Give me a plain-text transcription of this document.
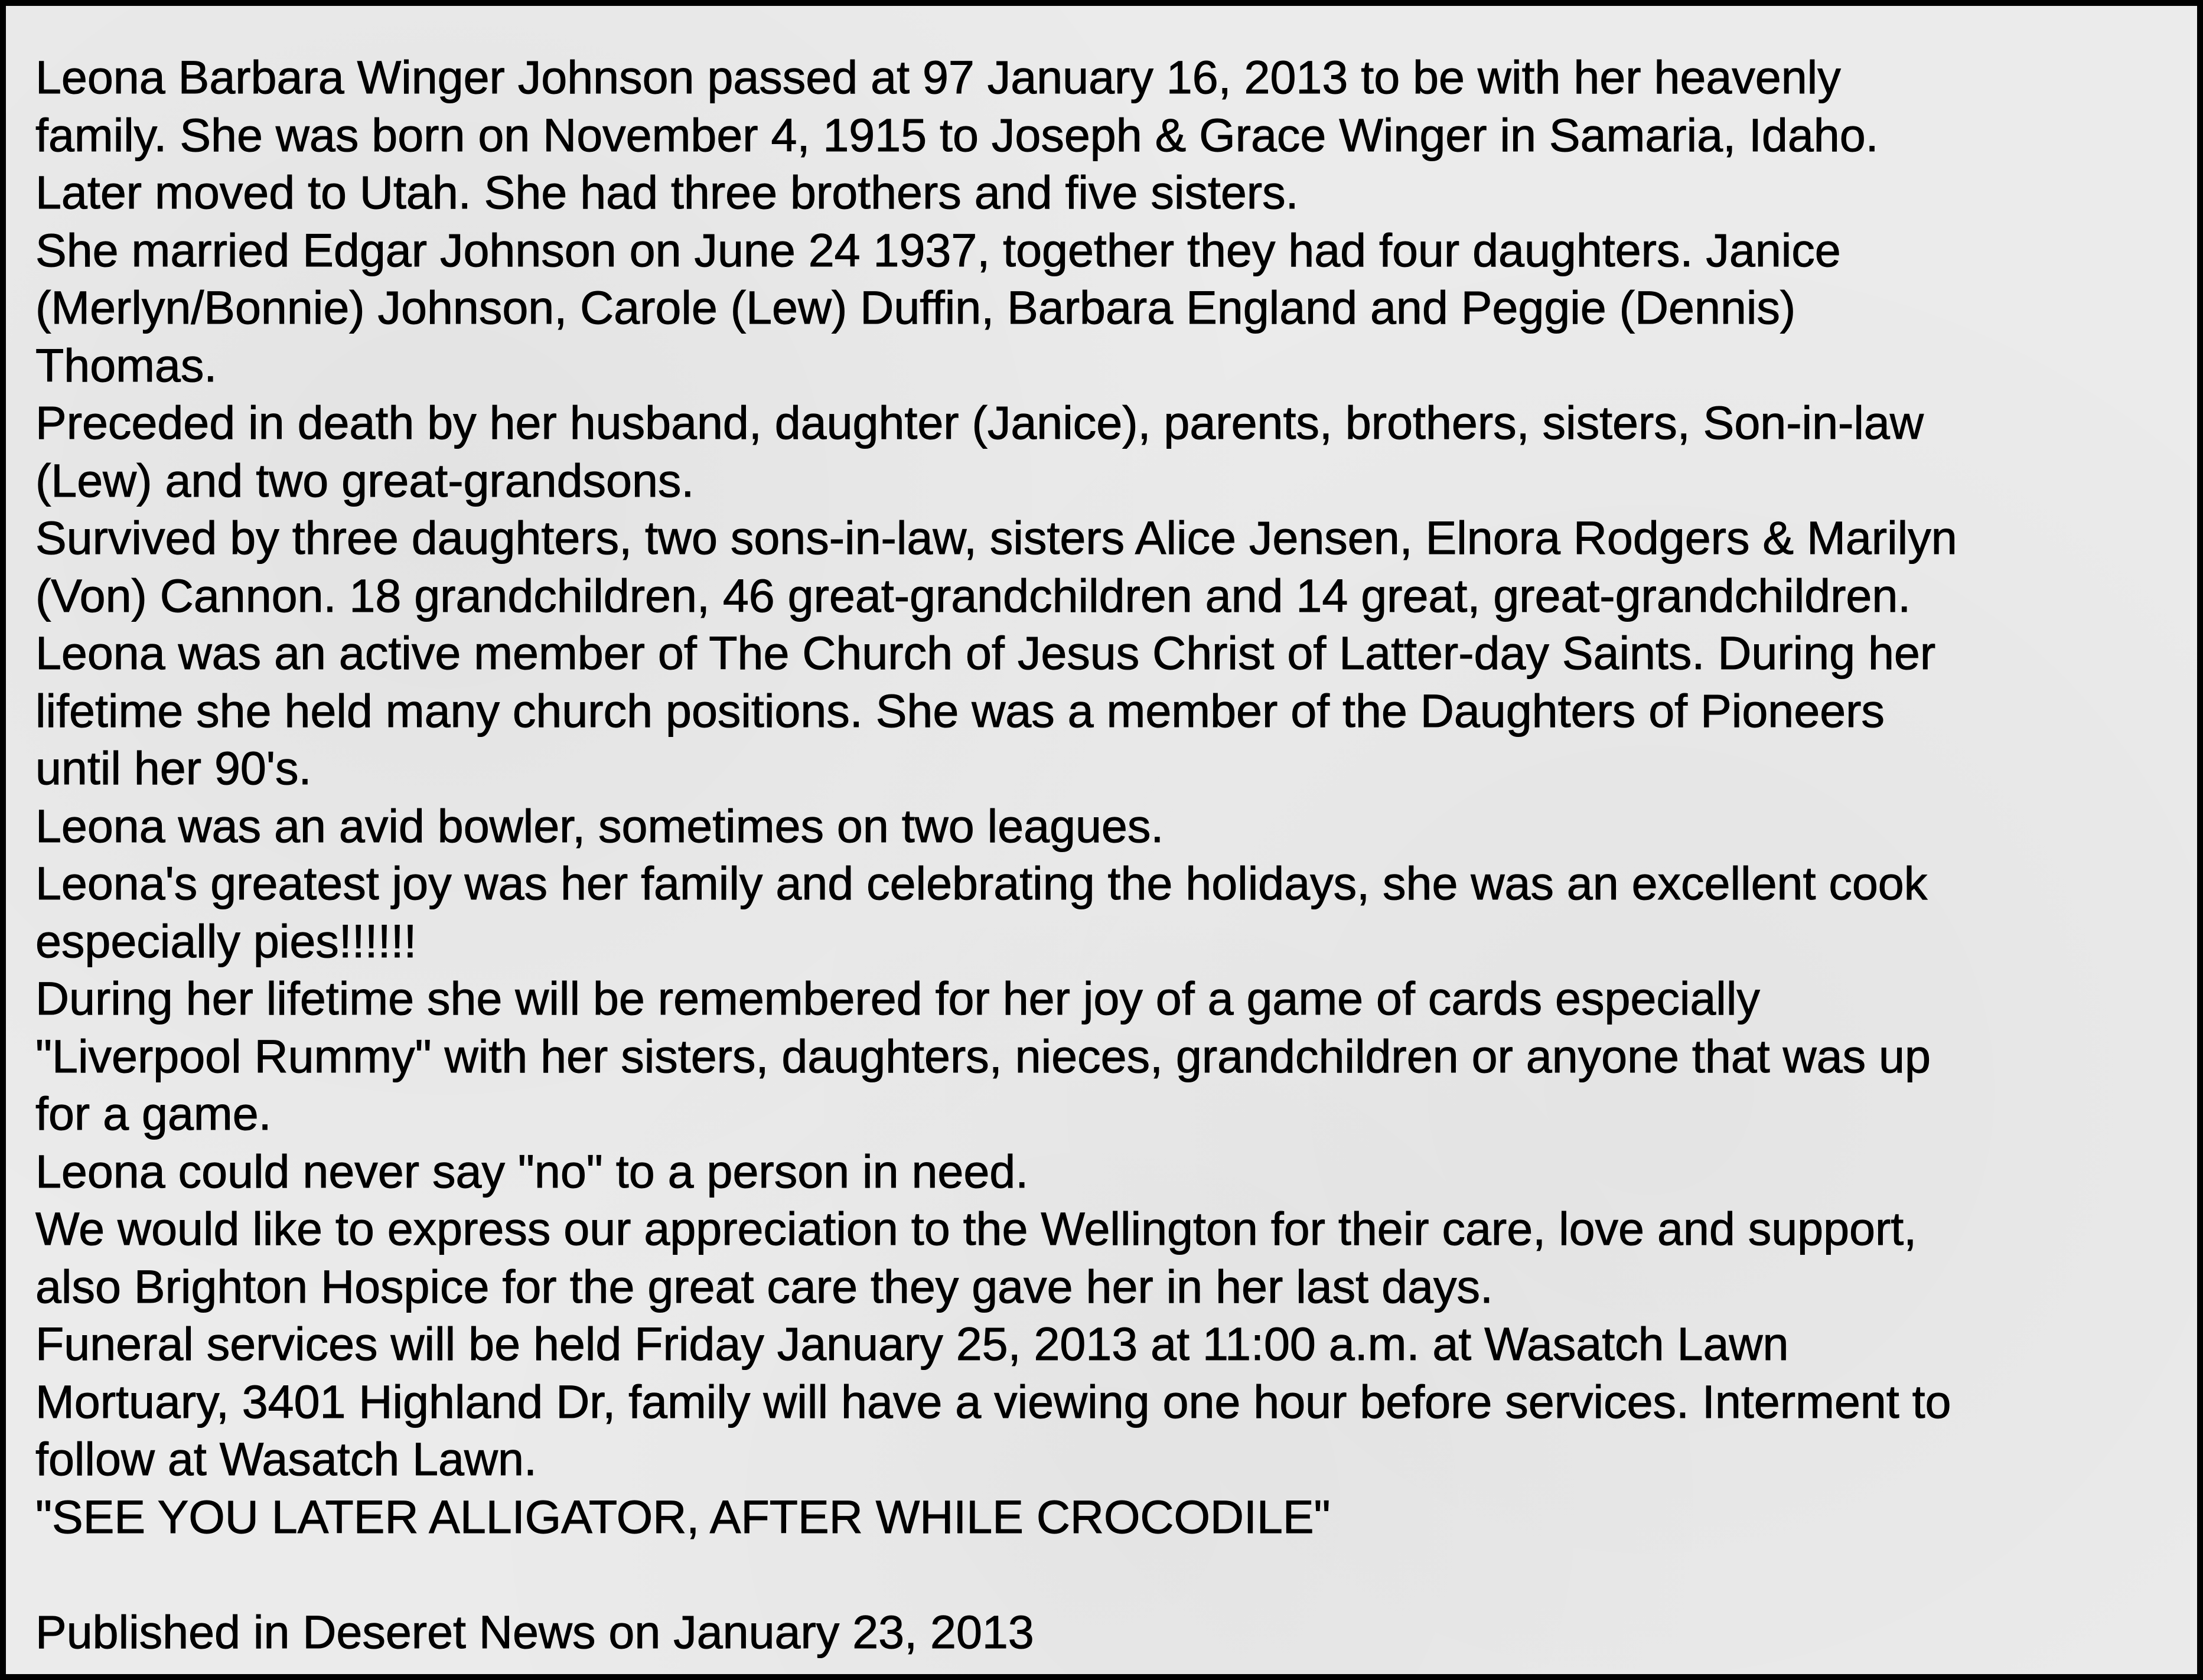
Leona Barbara Winger Johnson passed at 97 January 16, 2013 to be with her heavenly
family. She was born on November 4, 1915 to Joseph & Grace Winger in Samaria, Idaho.
Later moved to Utah. She had three brothers and five sisters.
She married Edgar Johnson on June 24 1937, together they had four daughters. Janice
(Merlyn/Bonnie) Johnson, Carole (Lew) Duffin, Barbara England and Peggie (Dennis)
Thomas.
Preceded in death by her husband, daughter (Janice), parents, brothers, sisters, Son-in-law
(Lew) and two great-grandsons.
Survived by three daughters, two sons-in-law, sisters Alice Jensen, Elnora Rodgers & Marilyn
(Von) Cannon. 18 grandchildren, 46 great-grandchildren and 14 great, great-grandchildren.
Leona was an active member of The Church of Jesus Christ of Latter-day Saints. During her
lifetime she held many church positions. She was a member of the Daughters of Pioneers
until her 90's.
Leona was an avid bowler, sometimes on two leagues.
Leona's greatest joy was her family and celebrating the holidays, she was an excellent cook
especially pies!!!!!!
During her lifetime she will be remembered for her joy of a game of cards especially
"Liverpool Rummy" with her sisters, daughters, nieces, grandchildren or anyone that was up
for a game.
Leona could never say "no" to a person in need.
We would like to express our appreciation to the Wellington for their care, love and support,
also Brighton Hospice for the great care they gave her in her last days.
Funeral services will be held Friday January 25, 2013 at 11:00 a.m. at Wasatch Lawn
Mortuary, 3401 Highland Dr, family will have a viewing one hour before services. Interment to
follow at Wasatch Lawn.
"SEE YOU LATER ALLIGATOR, AFTER WHILE CROCODILE"
Published in Deseret News on January 23, 2013
